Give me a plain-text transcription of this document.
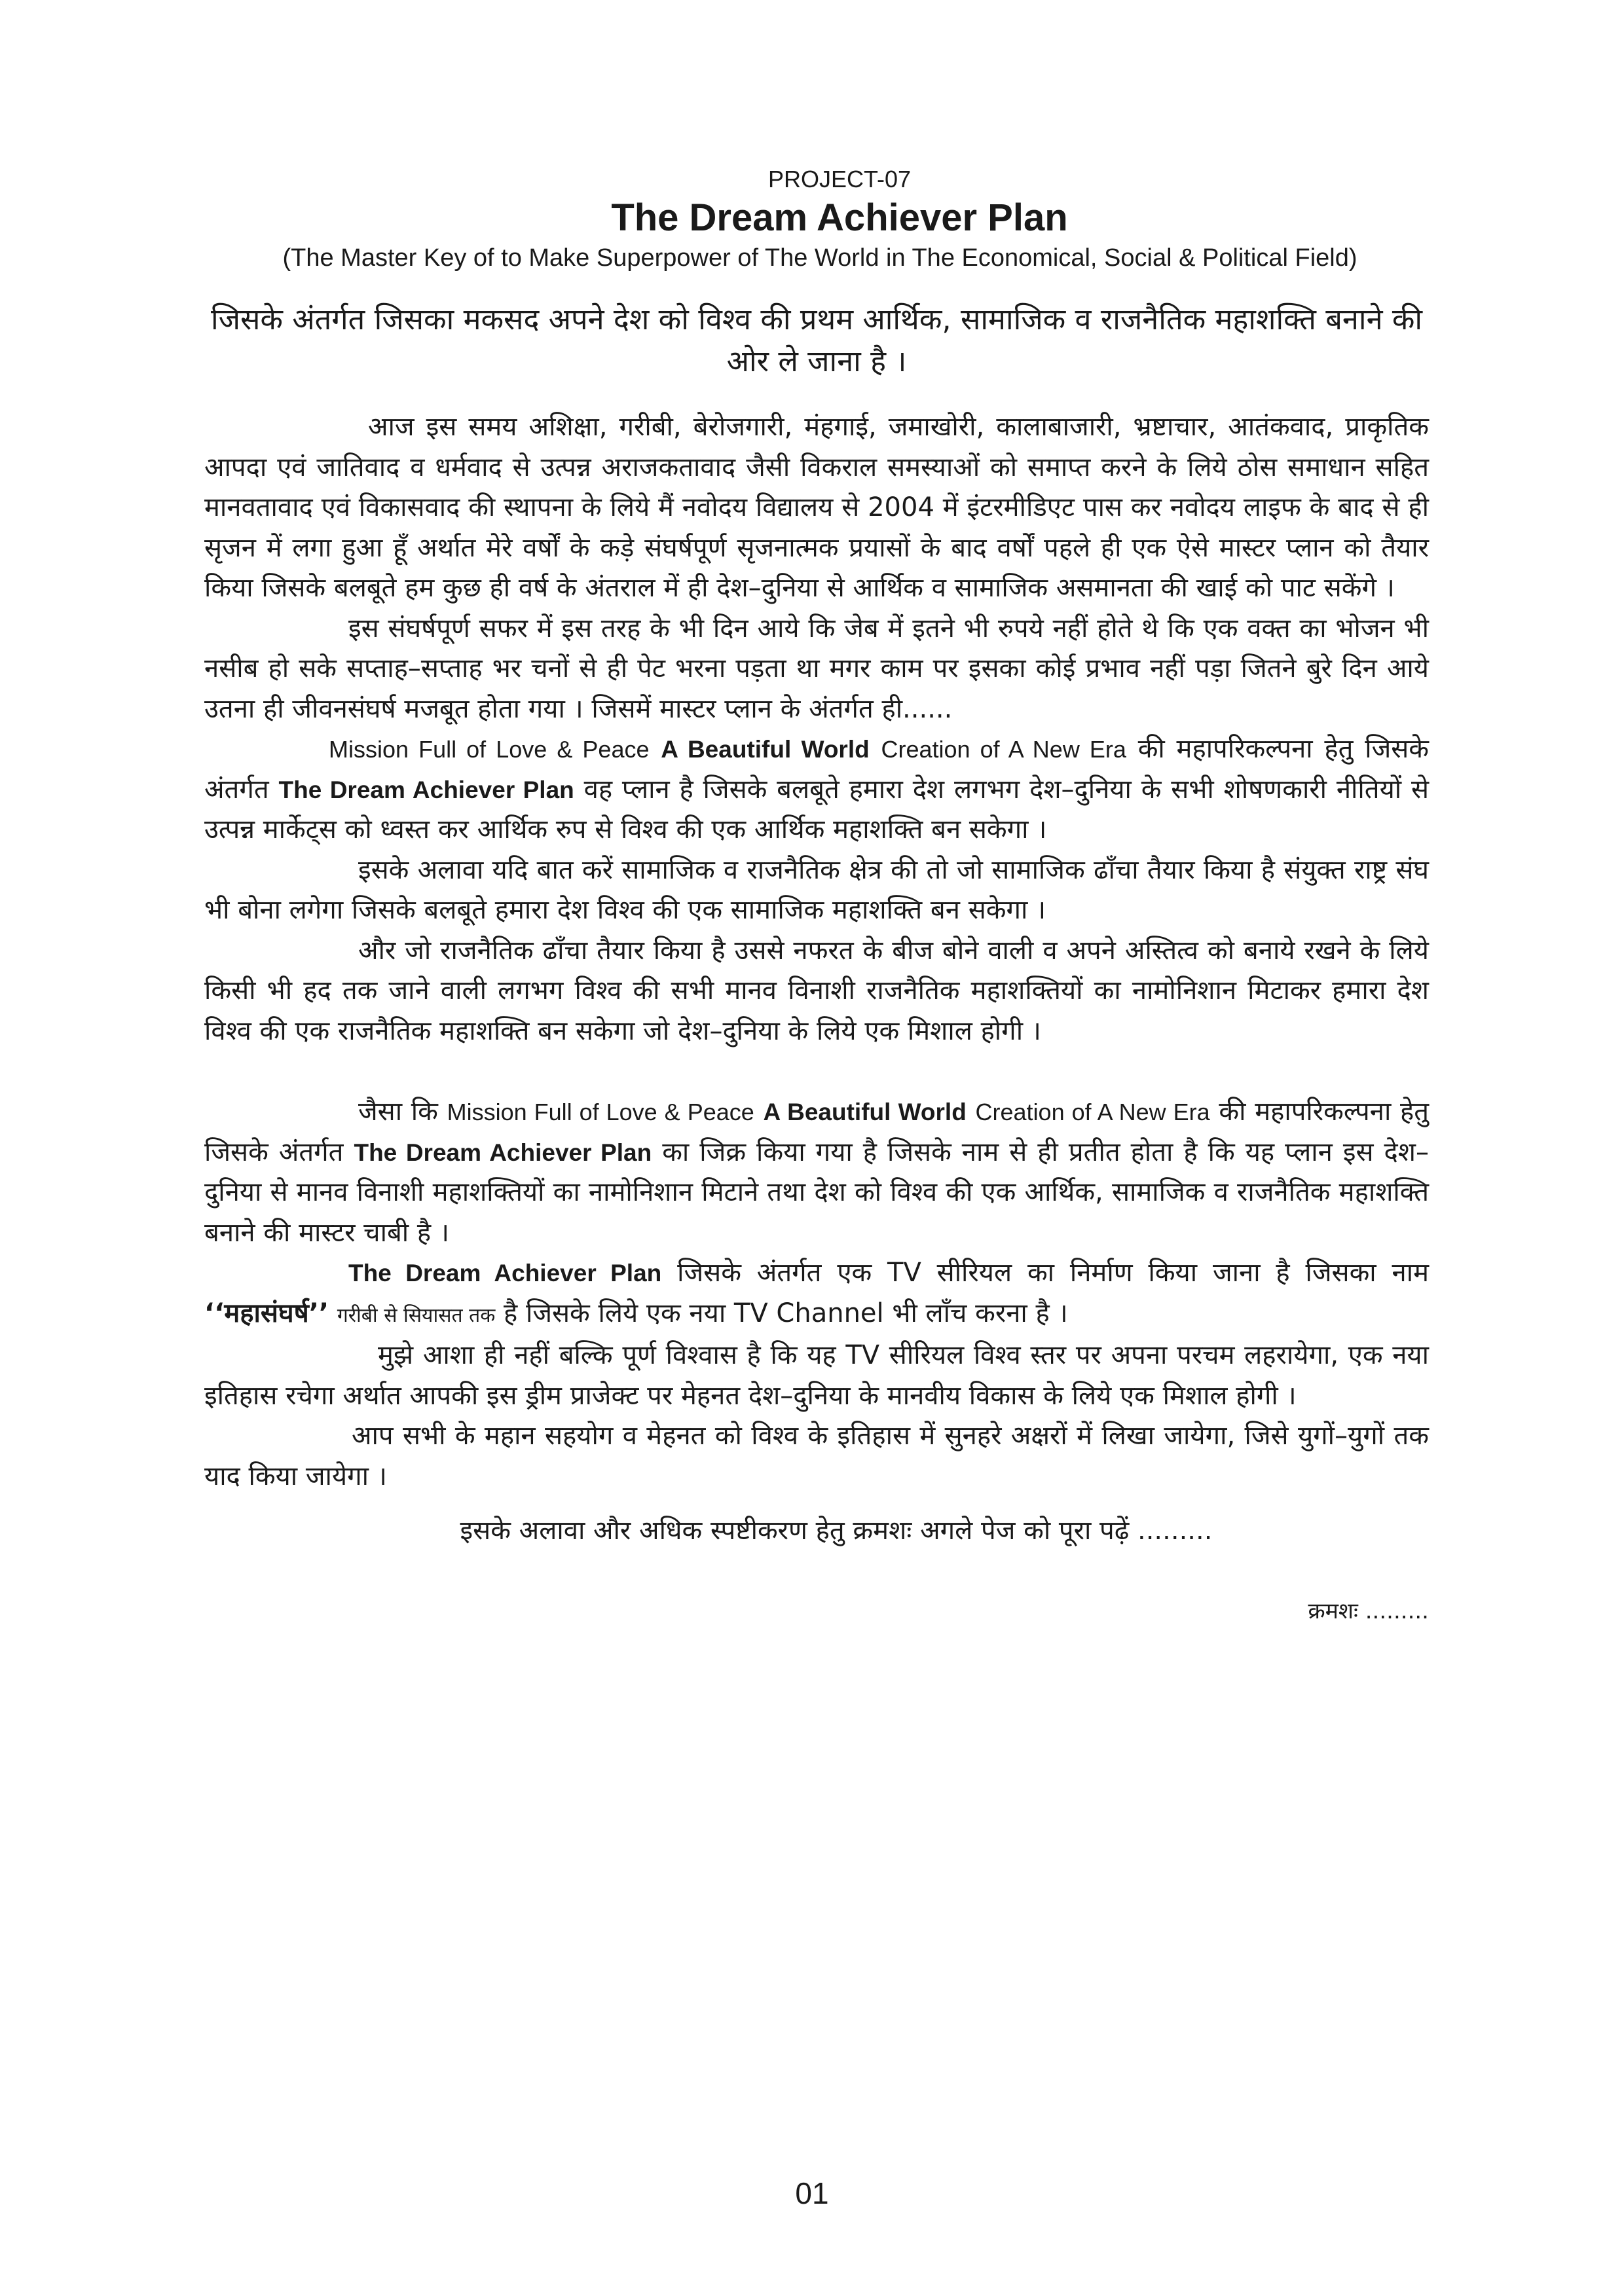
PROJECT-07
The Dream Achiever Plan
(The Master Key of to Make Superpower of The World in The Economical, Social & Political Field)
जिसके अंतर्गत जिसका मकसद अपने देश को विश्व की प्रथम आर्थिक, सामाजिक व राजनैतिक महाशक्ति बनाने की ओर ले जाना है ।

आज इस समय अशिक्षा, गरीबी, बेरोजगारी, मंहगाई, जमाखोरी, कालाबाजारी, भ्रष्टाचार, आतंकवाद, प्राकृतिक आपदा एवं जातिवाद व धर्मवाद से उत्पन्न अराजकतावाद जैसी विकराल समस्याओं को समाप्त करने के लिये ठोस समाधान सहित मानवतावाद एवं विकासवाद की स्थापना के लिये मैं नवोदय विद्यालय से 2004 में इंटरमीडिएट पास कर नवोदय लाइफ के बाद से ही सृजन में लगा हुआ हूँ अर्थात मेरे वर्षों के कड़े संघर्षपूर्ण सृजनात्मक प्रयासों के बाद वर्षों पहले ही एक ऐसे मास्टर प्लान को तैयार किया जिसके बलबूते हम कुछ ही वर्ष के अंतराल में ही देश–दुनिया से आर्थिक व सामाजिक असमानता की खाई को पाट सकेंगे ।

इस संघर्षपूर्ण सफर में इस तरह के भी दिन आये कि जेब में इतने भी रुपये नहीं होते थे कि एक वक्त का भोजन भी नसीब हो सके सप्ताह–सप्ताह भर चनों से ही पेट भरना पड़ता था मगर काम पर इसका कोई प्रभाव नहीं पड़ा जितने बुरे दिन आये उतना ही जीवनसंघर्ष मजबूत होता गया । जिसमें मास्टर प्लान के अंतर्गत ही......

Mission Full of Love & Peace A Beautiful World Creation of A New Era की महापरिकल्पना हेतु जिसके अंतर्गत The Dream Achiever Plan वह प्लान है जिसके बलबूते हमारा देश लगभग देश–दुनिया के सभी शोषणकारी नीतियों से उत्पन्न मार्केट्स को ध्वस्त कर आर्थिक रुप से विश्व की एक आर्थिक महाशक्ति बन सकेगा ।

इसके अलावा यदि बात करें सामाजिक व राजनैतिक क्षेत्र की तो जो सामाजिक ढाँचा तैयार किया है संयुक्त राष्ट्र संघ भी बोना लगेगा जिसके बलबूते हमारा देश विश्व की एक सामाजिक महाशक्ति बन सकेगा ।

और जो राजनैतिक ढाँचा तैयार किया है उससे नफरत के बीज बोने वाली व अपने अस्तित्व को बनाये रखने के लिये किसी भी हद तक जाने वाली लगभग विश्व की सभी मानव विनाशी राजनैतिक महाशक्तियों का नामोनिशान मिटाकर हमारा देश विश्व की एक राजनैतिक महाशक्ति बन सकेगा जो देश–दुनिया के लिये एक मिशाल होगी ।

जैसा कि Mission Full of Love & Peace A Beautiful World Creation of A New Era की महापरिकल्पना हेतु जिसके अंतर्गत The Dream Achiever Plan का जिक्र किया गया है जिसके नाम से ही प्रतीत होता है कि यह प्लान इस देश–दुनिया से मानव विनाशी महाशक्तियों का नामोनिशान मिटाने तथा देश को विश्व की एक आर्थिक, सामाजिक व राजनैतिक महाशक्ति बनाने की मास्टर चाबी है ।

The Dream Achiever Plan जिसके अंतर्गत एक TV सीरियल का निर्माण किया जाना है जिसका नाम ‘‘महासंघर्ष’’ गरीबी से सियासत तक है जिसके लिये एक नया TV Channel भी लाँच करना है ।

मुझे आशा ही नहीं बल्कि पूर्ण विश्वास है कि यह TV सीरियल विश्व स्तर पर अपना परचम लहरायेगा, एक नया इतिहास रचेगा अर्थात आपकी इस ड्रीम प्राजेक्ट पर मेहनत देश–दुनिया के मानवीय विकास के लिये एक मिशाल होगी ।

आप सभी के महान सहयोग व मेहनत को विश्व के इतिहास में सुनहरे अक्षरों में लिखा जायेगा, जिसे युगों–युगों तक याद किया जायेगा ।

इसके अलावा और अधिक स्पष्टीकरण हेतु क्रमशः अगले पेज को पूरा पढ़ें .........
क्रमशः .........
01
